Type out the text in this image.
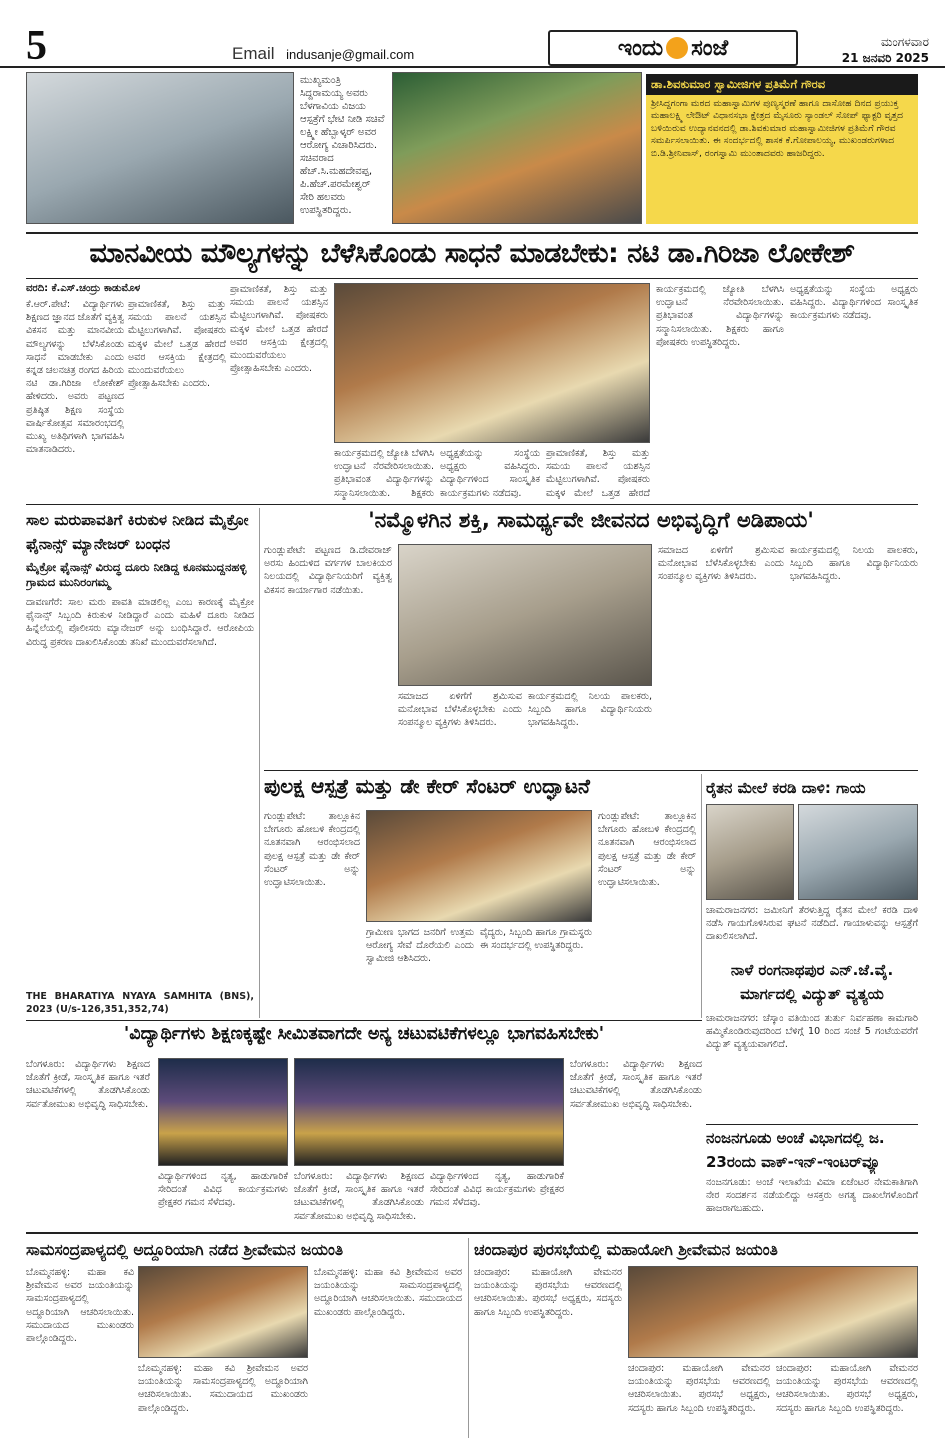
5	Email indusanje@gmail.com	ಇಂದು ಸಂಜೆ	ಮಂಗಳವಾರ
21 ಜನವರಿ 2025
ಮುಖ್ಯಮಂತ್ರಿ ಸಿದ್ದರಾಮಯ್ಯ ಅವರು ಬೆಳಗಾವಿಯ ವಿಜಯ ಆಸ್ಪತ್ರೆಗೆ ಭೇಟಿ ನೀಡಿ ಸಚಿವೆ ಲಕ್ಷ್ಮೀ ಹೆಬ್ಬಾಳ್ಕರ್ ಅವರ ಆರೋಗ್ಯ ವಿಚಾರಿಸಿದರು. ಸಚಿವರಾದ ಹೆಚ್.ಸಿ.ಮಹದೇವಪ್ಪ, ಪಿ.ಹೆಚ್.ಪರಮೇಶ್ವರ್ ಸೇರಿ ಹಲವರು ಉಪಸ್ಥಿತರಿದ್ದರು.
ಡಾ.ಶಿವಕುಮಾರ ಸ್ವಾಮೀಜಿಗಳ ಪ್ರತಿಮೆಗೆ ಗೌರವ
ಶ್ರೀಸಿದ್ದಗಂಗಾ ಮಠದ ಮಹಾಸ್ವಾಮಿಗಳ ಪುಣ್ಯಸ್ಮರಣೆ ಹಾಗೂ ದಾಸೋಹ ದಿನದ ಪ್ರಯುಕ್ತ ಮಹಾಲಕ್ಷ್ಮಿ ಲೇಔಟ್ ವಿಧಾನಸಭಾ ಕ್ಷೇತ್ರದ ಮೈಸೂರು ಸ್ಯಾಂಡಲ್ ಸೋಪ್ ಫ್ಯಾಕ್ಟರಿ ವೃತ್ತದ ಬಳಿಯಿರುವ ಉದ್ಯಾನವನದಲ್ಲಿ ಡಾ.ಶಿವಕುಮಾರ ಮಹಾಸ್ವಾಮೀಜಿಗಳ ಪ್ರತಿಮೆಗೆ ಗೌರವ ಸಮರ್ಪಿಸಲಾಯಿತು. ಈ ಸಂದರ್ಭದಲ್ಲಿ ಶಾಸಕ ಕೆ.ಗೋಪಾಲಯ್ಯ, ಮುಖಂಡರುಗಳಾದ ಬಿ.ಡಿ.ಶ್ರೀನಿವಾಸ್, ರಂಗಸ್ವಾಮಿ ಮುಂತಾದವರು ಹಾಜರಿದ್ದರು.
ಮಾನವೀಯ ಮೌಲ್ಯಗಳನ್ನು ಬೆಳೆಸಿಕೊಂಡು ಸಾಧನೆ ಮಾಡಬೇಕು: ನಟಿ ಡಾ.ಗಿರಿಜಾ ಲೋಕೇಶ್
ವರದಿ: ಕೆ.ಎಸ್.ಚಂದ್ರು ಕಾಡುಮೊಳ
ಕೆ.ಆರ್.ಪೇಟೆ: ವಿದ್ಯಾರ್ಥಿಗಳು ಶಿಕ್ಷಣದ ಜ್ಞಾನದ ಜೊತೆಗೆ ವ್ಯಕ್ತಿತ್ವ ವಿಕಸನ ಮತ್ತು ಮಾನವೀಯ ಮೌಲ್ಯಗಳನ್ನು ಬೆಳೆಸಿಕೊಂಡು ಸಾಧನೆ ಮಾಡಬೇಕು ಎಂದು ಕನ್ನಡ ಚಲನಚಿತ್ರ ರಂಗದ ಹಿರಿಯ ನಟಿ ಡಾ.ಗಿರಿಜಾ ಲೋಕೇಶ್ ಹೇಳಿದರು. ಅವರು ಪಟ್ಟಣದ ಪ್ರತಿಷ್ಠಿತ ಶಿಕ್ಷಣ ಸಂಸ್ಥೆಯ ವಾರ್ಷಿಕೋತ್ಸವ ಸಮಾರಂಭದಲ್ಲಿ ಮುಖ್ಯ ಅತಿಥಿಗಳಾಗಿ ಭಾಗವಹಿಸಿ ಮಾತನಾಡಿದರು.
ಪ್ರಾಮಾಣಿಕತೆ, ಶಿಸ್ತು ಮತ್ತು ಸಮಯ ಪಾಲನೆ ಯಶಸ್ಸಿನ ಮೆಟ್ಟಿಲುಗಳಾಗಿವೆ. ಪೋಷಕರು ಮಕ್ಕಳ ಮೇಲೆ ಒತ್ತಡ ಹೇರದೆ ಅವರ ಆಸಕ್ತಿಯ ಕ್ಷೇತ್ರದಲ್ಲಿ ಮುಂದುವರೆಯಲು ಪ್ರೋತ್ಸಾಹಿಸಬೇಕು ಎಂದರು.
ಪ್ರಾಮಾಣಿಕತೆ, ಶಿಸ್ತು ಮತ್ತು ಸಮಯ ಪಾಲನೆ ಯಶಸ್ಸಿನ ಮೆಟ್ಟಿಲುಗಳಾಗಿವೆ. ಪೋಷಕರು ಮಕ್ಕಳ ಮೇಲೆ ಒತ್ತಡ ಹೇರದೆ ಅವರ ಆಸಕ್ತಿಯ ಕ್ಷೇತ್ರದಲ್ಲಿ ಮುಂದುವರೆಯಲು ಪ್ರೋತ್ಸಾಹಿಸಬೇಕು ಎಂದರು.
ಕಾರ್ಯಕ್ರಮದಲ್ಲಿ ಜ್ಯೋತಿ ಬೆಳಗಿಸಿ ಉದ್ಘಾಟನೆ ನೆರವೇರಿಸಲಾಯಿತು. ಪ್ರತಿಭಾವಂತ ವಿದ್ಯಾರ್ಥಿಗಳನ್ನು ಸನ್ಮಾನಿಸಲಾಯಿತು. ಶಿಕ್ಷಕರು
ಅಧ್ಯಕ್ಷತೆಯನ್ನು ಸಂಸ್ಥೆಯ ಅಧ್ಯಕ್ಷರು ವಹಿಸಿದ್ದರು. ವಿದ್ಯಾರ್ಥಿಗಳಿಂದ ಸಾಂಸ್ಕೃತಿಕ ಕಾರ್ಯಕ್ರಮಗಳು ನಡೆದವು.
ಪ್ರಾಮಾಣಿಕತೆ, ಶಿಸ್ತು ಮತ್ತು ಸಮಯ ಪಾಲನೆ ಯಶಸ್ಸಿನ ಮೆಟ್ಟಿಲುಗಳಾಗಿವೆ. ಪೋಷಕರು ಮಕ್ಕಳ ಮೇಲೆ ಒತ್ತಡ ಹೇರದೆ
ಕಾರ್ಯಕ್ರಮದಲ್ಲಿ ಜ್ಯೋತಿ ಬೆಳಗಿಸಿ ಉದ್ಘಾಟನೆ ನೆರವೇರಿಸಲಾಯಿತು. ಪ್ರತಿಭಾವಂತ ವಿದ್ಯಾರ್ಥಿಗಳನ್ನು ಸನ್ಮಾನಿಸಲಾಯಿತು. ಶಿಕ್ಷಕರು ಹಾಗೂ ಪೋಷಕರು ಉಪಸ್ಥಿತರಿದ್ದರು.
ಅಧ್ಯಕ್ಷತೆಯನ್ನು ಸಂಸ್ಥೆಯ ಅಧ್ಯಕ್ಷರು ವಹಿಸಿದ್ದರು. ವಿದ್ಯಾರ್ಥಿಗಳಿಂದ ಸಾಂಸ್ಕೃತಿಕ ಕಾರ್ಯಕ್ರಮಗಳು ನಡೆದವು.
ಸಾಲ ಮರುಪಾವತಿಗೆ ಕಿರುಕುಳ ನೀಡಿದ ಮೈಕ್ರೋ ಫೈನಾನ್ಸ್ ಮ್ಯಾನೇಜರ್ ಬಂಧನ
ಮೈಕ್ರೋ ಫೈನಾನ್ಸ್ ವಿರುದ್ಧ ದೂರು ನೀಡಿದ್ದ ಕೂನಮುದ್ದನಹಳ್ಳಿ ಗ್ರಾಮದ ಮುನಿರಂಗಮ್ಮ
ದಾವಣಗೆರೆ: ಸಾಲ ಮರು ಪಾವತಿ ಮಾಡಲಿಲ್ಲ ಎಂಬ ಕಾರಣಕ್ಕೆ ಮೈಕ್ರೋ ಫೈನಾನ್ಸ್ ಸಿಬ್ಬಂದಿ ಕಿರುಕುಳ ನೀಡಿದ್ದಾರೆ ಎಂದು ಮಹಿಳೆ ದೂರು ನೀಡಿದ ಹಿನ್ನೆಲೆಯಲ್ಲಿ ಪೊಲೀಸರು ಮ್ಯಾನೇಜರ್ ಅನ್ನು ಬಂಧಿಸಿದ್ದಾರೆ. ಆರೋಪಿಯ ವಿರುದ್ಧ ಪ್ರಕರಣ ದಾಖಲಿಸಿಕೊಂಡು ತನಿಖೆ ಮುಂದುವರೆಸಲಾಗಿದೆ.
THE BHARATIYA NYAYA SAMHITA (BNS), 2023 (U/s-126,351,352,74)
'ನಮ್ಮೊಳಗಿನ ಶಕ್ತಿ, ಸಾಮರ್ಥ್ಯವೇ ಜೀವನದ ಅಭಿವೃದ್ಧಿಗೆ ಅಡಿಪಾಯ'
ಗುಂಡ್ಲುಪೇಟೆ: ಪಟ್ಟಣದ ಡಿ.ದೇವರಾಜ್ ಅರಸು ಹಿಂದುಳಿದ ವರ್ಗಗಳ ಬಾಲಕಿಯರ ನಿಲಯದಲ್ಲಿ ವಿದ್ಯಾರ್ಥಿನಿಯರಿಗೆ ವ್ಯಕ್ತಿತ್ವ ವಿಕಸನ ಕಾರ್ಯಾಗಾರ ನಡೆಯಿತು.
ಸಮಾಜದ ಏಳಿಗೆಗೆ ಶ್ರಮಿಸುವ ಮನೋಭಾವ ಬೆಳೆಸಿಕೊಳ್ಳಬೇಕು ಎಂದು ಸಂಪನ್ಮೂಲ ವ್ಯಕ್ತಿಗಳು ತಿಳಿಸಿದರು.
ಕಾರ್ಯಕ್ರಮದಲ್ಲಿ ನಿಲಯ ಪಾಲಕರು, ಸಿಬ್ಬಂದಿ ಹಾಗೂ ವಿದ್ಯಾರ್ಥಿನಿಯರು ಭಾಗವಹಿಸಿದ್ದರು.
ಸಮಾಜದ ಏಳಿಗೆಗೆ ಶ್ರಮಿಸುವ ಮನೋಭಾವ ಬೆಳೆಸಿಕೊಳ್ಳಬೇಕು ಎಂದು ಸಂಪನ್ಮೂಲ ವ್ಯಕ್ತಿಗಳು ತಿಳಿಸಿದರು.
ಕಾರ್ಯಕ್ರಮದಲ್ಲಿ ನಿಲಯ ಪಾಲಕರು, ಸಿಬ್ಬಂದಿ ಹಾಗೂ ವಿದ್ಯಾರ್ಥಿನಿಯರು ಭಾಗವಹಿಸಿದ್ದರು.
ಪುಲಕ್ಷ ಆಸ್ಪತ್ರೆ ಮತ್ತು ಡೇ ಕೇರ್ ಸೆಂಟರ್ ಉದ್ಘಾಟನೆ
ಗುಂಡ್ಲುಪೇಟೆ: ತಾಲ್ಲೂಕಿನ ಬೇಗೂರು ಹೋಬಳಿ ಕೇಂದ್ರದಲ್ಲಿ ನೂತನವಾಗಿ ಆರಂಭಿಸಲಾದ ಪುಲಕ್ಷ ಆಸ್ಪತ್ರೆ ಮತ್ತು ಡೇ ಕೇರ್ ಸೆಂಟರ್ ಅನ್ನು ಉದ್ಘಾಟಿಸಲಾಯಿತು.
ಗ್ರಾಮೀಣ ಭಾಗದ ಜನರಿಗೆ ಉತ್ತಮ ಆರೋಗ್ಯ ಸೇವೆ ದೊರೆಯಲಿ ಎಂದು ಸ್ವಾಮೀಜಿ ಆಶಿಸಿದರು.
ವೈದ್ಯರು, ಸಿಬ್ಬಂದಿ ಹಾಗೂ ಗ್ರಾಮಸ್ಥರು ಈ ಸಂದರ್ಭದಲ್ಲಿ ಉಪಸ್ಥಿತರಿದ್ದರು.
ಗುಂಡ್ಲುಪೇಟೆ: ತಾಲ್ಲೂಕಿನ ಬೇಗೂರು ಹೋಬಳಿ ಕೇಂದ್ರದಲ್ಲಿ ನೂತನವಾಗಿ ಆರಂಭಿಸಲಾದ ಪುಲಕ್ಷ ಆಸ್ಪತ್ರೆ ಮತ್ತು ಡೇ ಕೇರ್ ಸೆಂಟರ್ ಅನ್ನು ಉದ್ಘಾಟಿಸಲಾಯಿತು.
ರೈತನ ಮೇಲೆ ಕರಡಿ ದಾಳಿ: ಗಾಯ
ಚಾಮರಾಜನಗರ: ಜಮೀನಿಗೆ ತೆರಳುತ್ತಿದ್ದ ರೈತನ ಮೇಲೆ ಕರಡಿ ದಾಳಿ ನಡೆಸಿ ಗಾಯಗೊಳಿಸಿರುವ ಘಟನೆ ನಡೆದಿದೆ. ಗಾಯಾಳುವನ್ನು ಆಸ್ಪತ್ರೆಗೆ ದಾಖಲಿಸಲಾಗಿದೆ.
ನಾಳೆ ರಂಗನಾಥಪುರ ಎನ್.ಜೆ.ವೈ. ಮಾರ್ಗದಲ್ಲಿ ವಿದ್ಯುತ್ ವ್ಯತ್ಯಯ
ಚಾಮರಾಜನಗರ: ಚೆಸ್ಕಾಂ ವತಿಯಿಂದ ತುರ್ತು ನಿರ್ವಹಣಾ ಕಾಮಗಾರಿ ಹಮ್ಮಿಕೊಂಡಿರುವುದರಿಂದ ಬೆಳಿಗ್ಗೆ 10 ರಿಂದ ಸಂಜೆ 5 ಗಂಟೆಯವರೆಗೆ ವಿದ್ಯುತ್ ವ್ಯತ್ಯಯವಾಗಲಿದೆ.
ನಂಜನಗೂಡು ಅಂಚೆ ವಿಭಾಗದಲ್ಲಿ ಜ. 23ರಂದು ವಾಕ್-ಇನ್-ಇಂಟರ್‌ವ್ಯೂ
ನಂಜನಗೂಡು: ಅಂಚೆ ಇಲಾಖೆಯ ವಿಮಾ ಏಜೆಂಟರ ನೇಮಕಾತಿಗಾಗಿ ನೇರ ಸಂದರ್ಶನ ನಡೆಯಲಿದ್ದು ಆಸಕ್ತರು ಅಗತ್ಯ ದಾಖಲೆಗಳೊಂದಿಗೆ ಹಾಜರಾಗಬಹುದು.
'ವಿದ್ಯಾರ್ಥಿಗಳು ಶಿಕ್ಷಣಕ್ಕಷ್ಟೇ ಸೀಮಿತವಾಗದೇ ಅನ್ಯ ಚಟುವಟಿಕೆಗಳಲ್ಲೂ ಭಾಗವಹಿಸಬೇಕು'
ಬೆಂಗಳೂರು: ವಿದ್ಯಾರ್ಥಿಗಳು ಶಿಕ್ಷಣದ ಜೊತೆಗೆ ಕ್ರೀಡೆ, ಸಾಂಸ್ಕೃತಿಕ ಹಾಗೂ ಇತರೆ ಚಟುವಟಿಕೆಗಳಲ್ಲಿ ತೊಡಗಿಸಿಕೊಂಡು ಸರ್ವತೋಮುಖ ಅಭಿವೃದ್ಧಿ ಸಾಧಿಸಬೇಕು.
ವಿದ್ಯಾರ್ಥಿಗಳಿಂದ ನೃತ್ಯ, ಹಾಡುಗಾರಿಕೆ ಸೇರಿದಂತೆ ವಿವಿಧ ಕಾರ್ಯಕ್ರಮಗಳು ಪ್ರೇಕ್ಷಕರ ಗಮನ ಸೆಳೆದವು.
ಬೆಂಗಳೂರು: ವಿದ್ಯಾರ್ಥಿಗಳು ಶಿಕ್ಷಣದ ಜೊತೆಗೆ ಕ್ರೀಡೆ, ಸಾಂಸ್ಕೃತಿಕ ಹಾಗೂ ಇತರೆ ಚಟುವಟಿಕೆಗಳಲ್ಲಿ ತೊಡಗಿಸಿಕೊಂಡು ಸರ್ವತೋಮುಖ ಅಭಿವೃದ್ಧಿ ಸಾಧಿಸಬೇಕು.
ವಿದ್ಯಾರ್ಥಿಗಳಿಂದ ನೃತ್ಯ, ಹಾಡುಗಾರಿಕೆ ಸೇರಿದಂತೆ ವಿವಿಧ ಕಾರ್ಯಕ್ರಮಗಳು ಪ್ರೇಕ್ಷಕರ ಗಮನ ಸೆಳೆದವು.
ಬೆಂಗಳೂರು: ವಿದ್ಯಾರ್ಥಿಗಳು ಶಿಕ್ಷಣದ ಜೊತೆಗೆ ಕ್ರೀಡೆ, ಸಾಂಸ್ಕೃತಿಕ ಹಾಗೂ ಇತರೆ ಚಟುವಟಿಕೆಗಳಲ್ಲಿ ತೊಡಗಿಸಿಕೊಂಡು ಸರ್ವತೋಮುಖ ಅಭಿವೃದ್ಧಿ ಸಾಧಿಸಬೇಕು.
ಸಾಮಸಂದ್ರಪಾಳ್ಯದಲ್ಲಿ ಅದ್ದೂರಿಯಾಗಿ ನಡೆದ ಶ್ರೀವೇಮನ ಜಯಂತಿ
ಬೊಮ್ಮನಹಳ್ಳಿ: ಮಹಾ ಕವಿ ಶ್ರೀವೇಮನ ಅವರ ಜಯಂತಿಯನ್ನು ಸಾಮಸಂದ್ರಪಾಳ್ಯದಲ್ಲಿ ಅದ್ದೂರಿಯಾಗಿ ಆಚರಿಸಲಾಯಿತು. ಸಮುದಾಯದ ಮುಖಂಡರು ಪಾಲ್ಗೊಂಡಿದ್ದರು.
ಬೊಮ್ಮನಹಳ್ಳಿ: ಮಹಾ ಕವಿ ಶ್ರೀವೇಮನ ಅವರ ಜಯಂತಿಯನ್ನು ಸಾಮಸಂದ್ರಪಾಳ್ಯದಲ್ಲಿ ಅದ್ದೂರಿಯಾಗಿ ಆಚರಿಸಲಾಯಿತು. ಸಮುದಾಯದ ಮುಖಂಡರು ಪಾಲ್ಗೊಂಡಿದ್ದರು.
ಬೊಮ್ಮನಹಳ್ಳಿ: ಮಹಾ ಕವಿ ಶ್ರೀವೇಮನ ಅವರ ಜಯಂತಿಯನ್ನು ಸಾಮಸಂದ್ರಪಾಳ್ಯದಲ್ಲಿ ಅದ್ದೂರಿಯಾಗಿ ಆಚರಿಸಲಾಯಿತು. ಸಮುದಾಯದ ಮುಖಂಡರು ಪಾಲ್ಗೊಂಡಿದ್ದರು.
ಚಂದಾಪುರ ಪುರಸಭೆಯಲ್ಲಿ ಮಹಾಯೋಗಿ ಶ್ರೀವೇಮನ ಜಯಂತಿ
ಚಂದಾಪುರ: ಮಹಾಯೋಗಿ ವೇಮನರ ಜಯಂತಿಯನ್ನು ಪುರಸಭೆಯ ಆವರಣದಲ್ಲಿ ಆಚರಿಸಲಾಯಿತು. ಪುರಸಭೆ ಅಧ್ಯಕ್ಷರು, ಸದಸ್ಯರು ಹಾಗೂ ಸಿಬ್ಬಂದಿ ಉಪಸ್ಥಿತರಿದ್ದರು.
ಚಂದಾಪುರ: ಮಹಾಯೋಗಿ ವೇಮನರ ಜಯಂತಿಯನ್ನು ಪುರಸಭೆಯ ಆವರಣದಲ್ಲಿ ಆಚರಿಸಲಾಯಿತು. ಪುರಸಭೆ ಅಧ್ಯಕ್ಷರು, ಸದಸ್ಯರು ಹಾಗೂ ಸಿಬ್ಬಂದಿ ಉಪಸ್ಥಿತರಿದ್ದರು.
ಚಂದಾಪುರ: ಮಹಾಯೋಗಿ ವೇಮನರ ಜಯಂತಿಯನ್ನು ಪುರಸಭೆಯ ಆವರಣದಲ್ಲಿ ಆಚರಿಸಲಾಯಿತು. ಪುರಸಭೆ ಅಧ್ಯಕ್ಷರು, ಸದಸ್ಯರು ಹಾಗೂ ಸಿಬ್ಬಂದಿ ಉಪಸ್ಥಿತರಿದ್ದರು.
